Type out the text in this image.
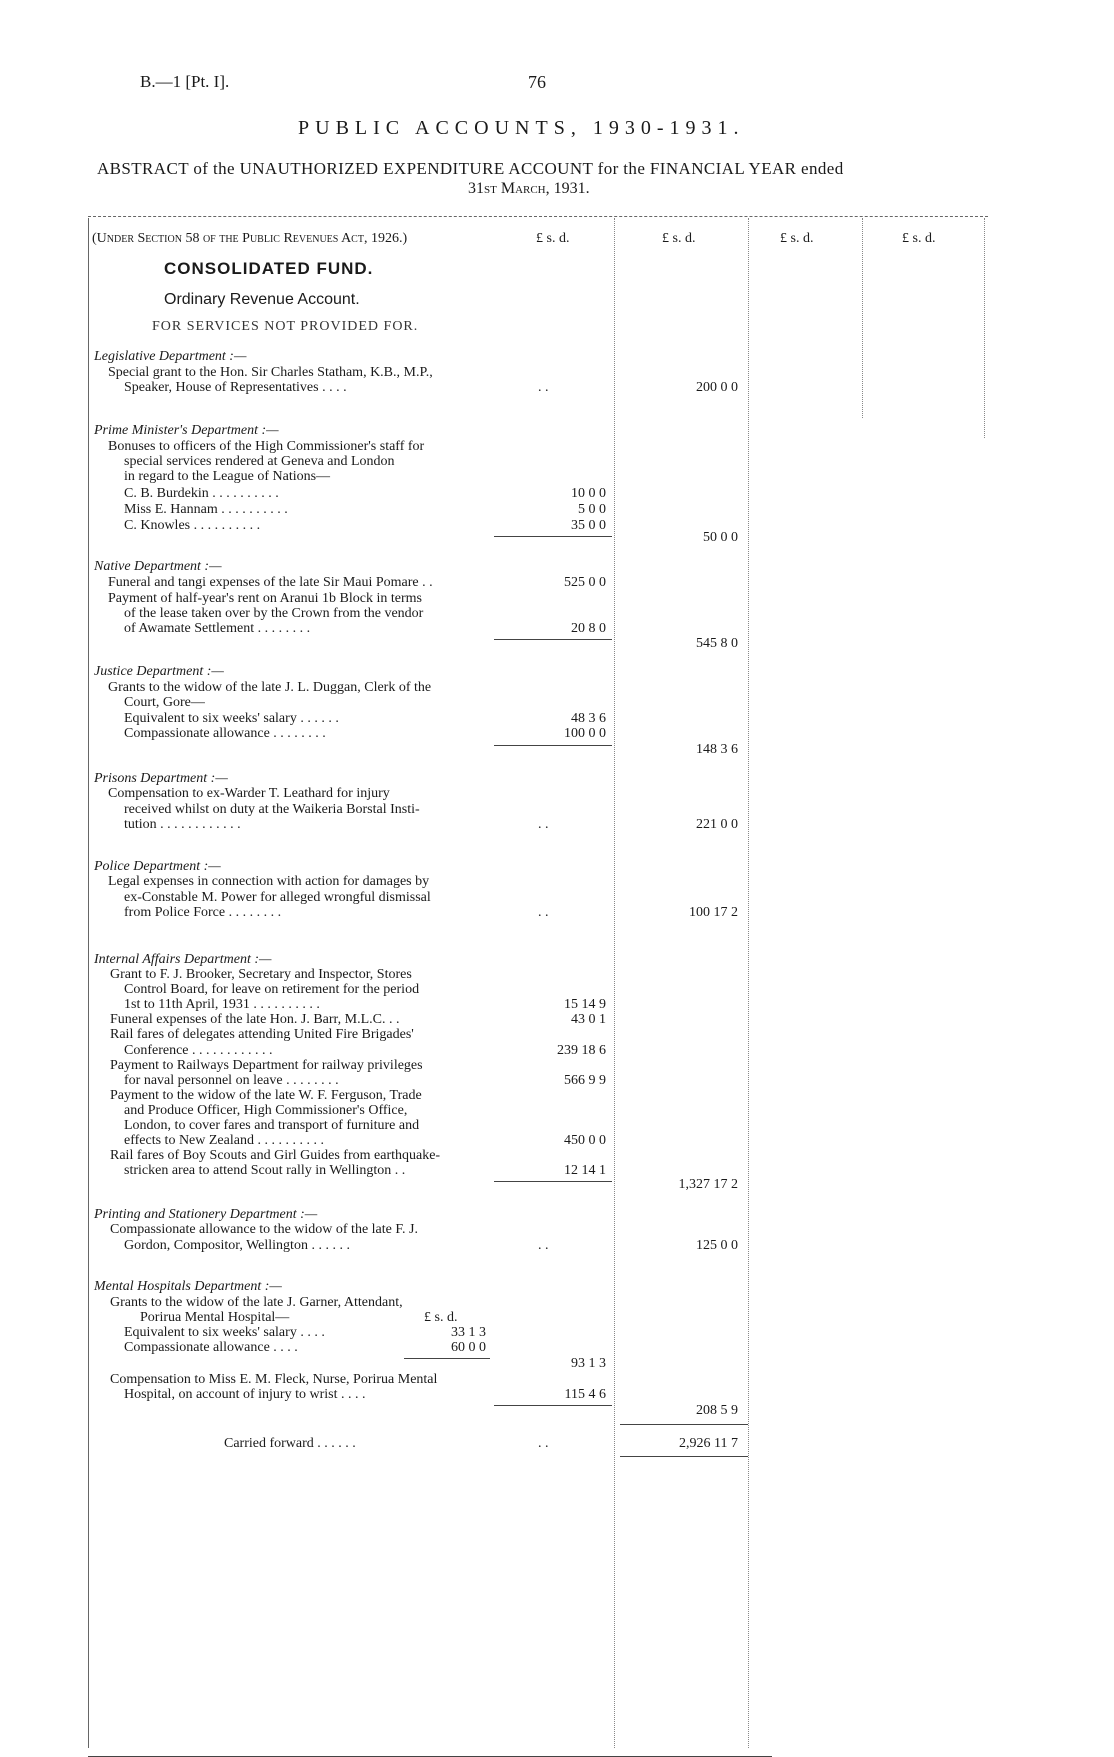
B.—1 [Pt. I].	76
PUBLIC ACCOUNTS, 1930-1931.
ABSTRACT of the UNAUTHORIZED EXPENDITURE ACCOUNT for the FINANCIAL YEAR ended
31st March, 1931.
(Under Section 58 of the Public Revenues Act, 1926.)	£ s. d.	£ s. d.	£ s. d.	£ s. d.
CONSOLIDATED FUND.
Ordinary Revenue Account.
FOR SERVICES NOT PROVIDED FOR.
Legislative Department :—
Special grant to the Hon. Sir Charles Statham, K.B., M.P.,
Speaker, House of Representatives . . . .	. .	200 0 0
Prime Minister's Department :—
Bonuses to officers of the High Commissioner's staff for
special services rendered at Geneva and London
in regard to the League of Nations—
C. B. Burdekin . . . . . . . . . .	10 0 0
Miss E. Hannam . . . . . . . . . .	5 0 0
C. Knowles . . . . . . . . . .	35 0 0
50 0 0
Native Department :—
Funeral and tangi expenses of the late Sir Maui Pomare . .	525 0 0
Payment of half-year's rent on Aranui 1b Block in terms
of the lease taken over by the Crown from the vendor
of Awamate Settlement . . . . . . . .	20 8 0
545 8 0
Justice Department :—
Grants to the widow of the late J. L. Duggan, Clerk of the
Court, Gore—
Equivalent to six weeks' salary . . . . . .	48 3 6
Compassionate allowance . . . . . . . .	100 0 0
148 3 6
Prisons Department :—
Compensation to ex-Warder T. Leathard for injury
received whilst on duty at the Waikeria Borstal Insti-
tution . . . . . . . . . . . .	. .	221 0 0
Police Department :—
Legal expenses in connection with action for damages by
ex-Constable M. Power for alleged wrongful dismissal
from Police Force . . . . . . . .	. .	100 17 2
Internal Affairs Department :—
Grant to F. J. Brooker, Secretary and Inspector, Stores
Control Board, for leave on retirement for the period
1st to 11th April, 1931 . . . . . . . . . .	15 14 9
Funeral expenses of the late Hon. J. Barr, M.L.C. . .	43 0 1
Rail fares of delegates attending United Fire Brigades'
Conference . . . . . . . . . . . .	239 18 6
Payment to Railways Department for railway privileges
for naval personnel on leave . . . . . . . .	566 9 9
Payment to the widow of the late W. F. Ferguson, Trade
and Produce Officer, High Commissioner's Office,
London, to cover fares and transport of furniture and
effects to New Zealand . . . . . . . . . .	450 0 0
Rail fares of Boy Scouts and Girl Guides from earthquake-
stricken area to attend Scout rally in Wellington . .	12 14 1
1,327 17 2
Printing and Stationery Department :—
Compassionate allowance to the widow of the late F. J.
Gordon, Compositor, Wellington . . . . . .	. .	125 0 0
Mental Hospitals Department :—
Grants to the widow of the late J. Garner, Attendant,
Porirua Mental Hospital—	£ s. d.
Equivalent to six weeks' salary . . . .	33 1 3
Compassionate allowance . . . .	60 0 0
93 1 3
Compensation to Miss E. M. Fleck, Nurse, Porirua Mental
Hospital, on account of injury to wrist . . . .	115 4 6
208 5 9
Carried forward . . . . . .	. .	2,926 11 7
